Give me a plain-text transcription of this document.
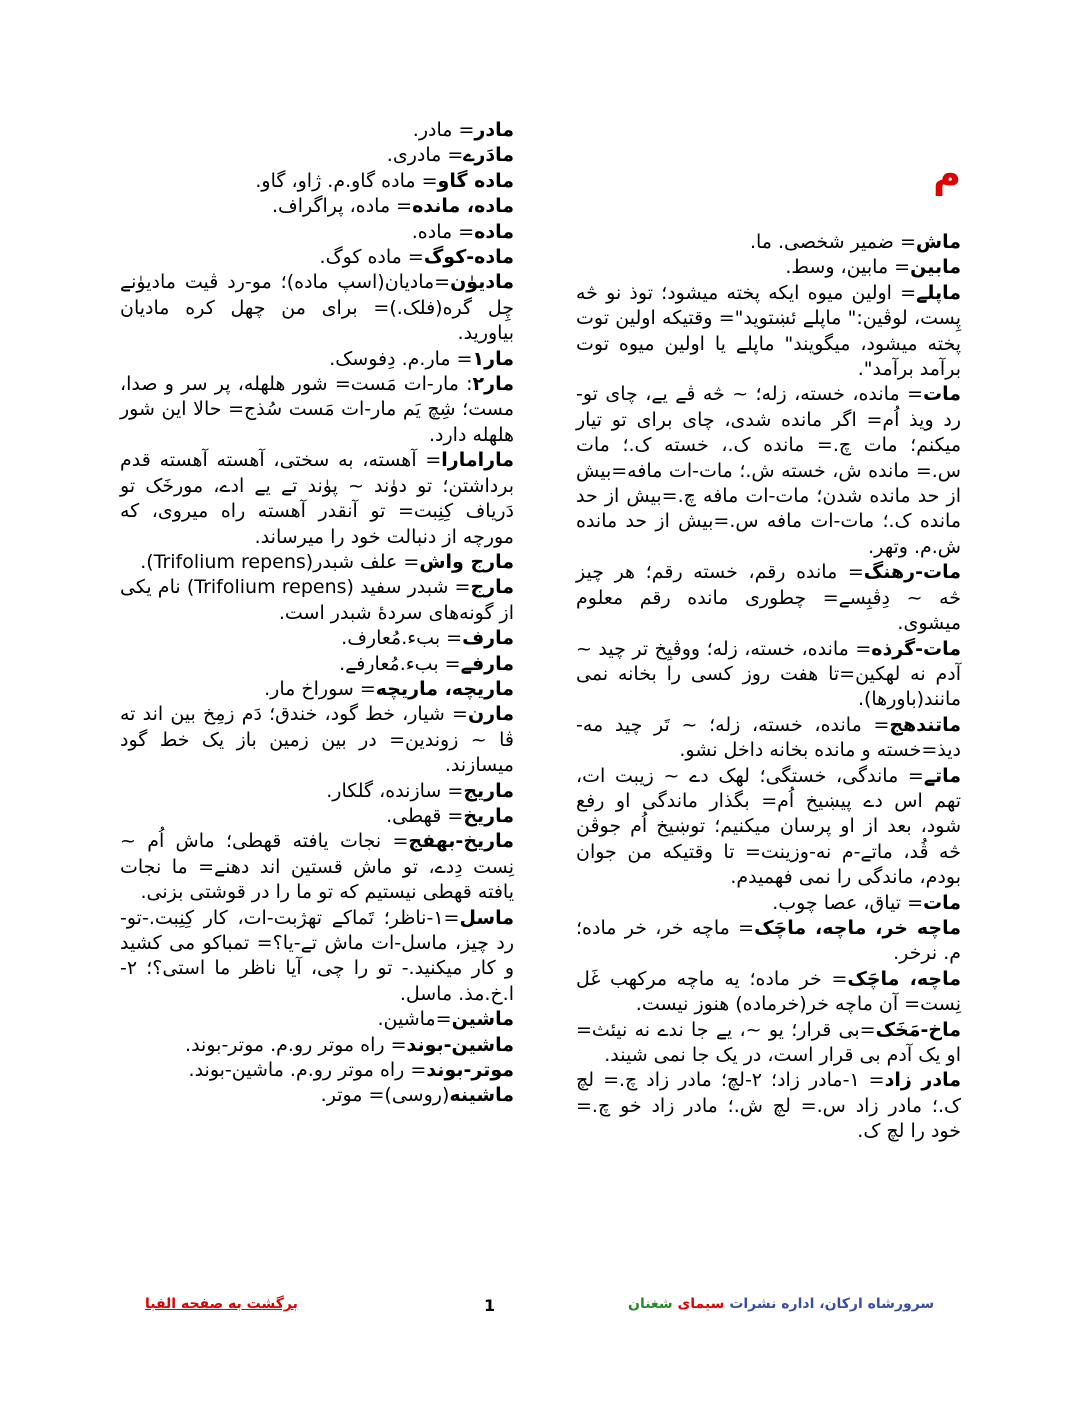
م

ماش= ضمیر شخصی. ما.

مابین= مابین، وسط.

ماپلے= اولین میوه ایکه پخته میشود؛ توذ نو څه پِست، لوڤین:" ماپلے ئښتوید"= وقتیکه اولین توت پخته میشود، میگویند" ماپلے یا اولین میوه توت برآمد برآمد".

مات= مانده، خسته، زله؛ ~ څه ڤے یے، چای تو-رد ویذ اُم= اگر مانده شدی، چای برای تو تیار میکنم؛ مات چ.= مانده ک.، خسته ک.؛ مات س.= مانده ش، خسته ش.؛ مات-ات مافه=بیش از حد مانده شدن؛ مات-ات مافه چ.=بیش از حد مانده ک.؛ مات-ات مافه س.=بیش از حد مانده ش.م. وتهر.

مات-رهنگ= مانده رقم، خسته رقم؛ هر چیز څه ~ دِڤبِسے= چطوری مانده رقم معلوم میشوی.

مات-گرذه= مانده، خسته، زله؛ ووڤیِخ تر چید ~ آدم نه لهکین=تا هفت روز کسی را بخانه نمی مانند(باورها).

ماتندهج= مانده، خسته، زله؛ ~ تَر چید مه-دیذ=خسته و مانده بخانه داخل نشو.

ماتے= ماندگی، خستگی؛ لهک دے ~ زیبت ات، تهم اس دے پیښیخ اُم= بگذار ماندگی او رفع شود، بعد از او پرسان میکنیم؛ توښیخ اُم جوڤن څه ڤُد، ماتے-م نه-وزینت= تا وقتیکه من جوان بودم، ماندگی را نمی فهمیدم.

مات= تیاق، عصا چوب.

ماچه خر، ماچه، ماچَک= ماچه خر، خر ماده؛ م. نرخر.

ماچه، ماچَک= خر ماده؛ یه ماچه مرکهب غَل نِست= آن ماچه خر(خرماده) هنوز نیست.

ماخ-مَخَک=بی قرار؛ یو ~، یے جا ندے نه نیئث= او یک آدم بی قرار است، در یک جا نمی شیند.

مادر زاد= ۱-مادر زاد؛ ۲-لچ؛ مادر زاد چ.= لچ ک.؛ مادر زاد س.= لچ ش.؛ مادر زاد خو چ.= خود را لچ ک.

مادر= مادر.

مادَرے= مادری.

ماده گاو= ماده گاو.م. ژاو، گاو.

ماده، مانده= ماده، پراگراف.

ماده= ماده.

ماده-کوگ= ماده کوگ.

مادیۈن=مادیان(اسپ ماده)؛ مو-رد ڤیت مادیۈنے چِل گره(فلک.)= برای من چهل کره مادیان بیاورید.

مار۱= مار.م. دِفوسک.

مار۲: مار-ات مَست= شور هلهله، پر سر و صدا، مست؛ شِچ یَم مار-ات مَست سُذج= حالا این شور هلهله دارد.

مارامارا= آهسته، به سختی، آهسته آهسته قدم برداشتن؛ تو دۈند ~ پۈند تے یے ادے، مورخَک تو دَریاف کِنِبت= تو آنقدر آهسته راه میروی، که مورچه از دنبالت خود را میرساند.

مارج واش= علف شبدر(Trifolium repens).

مارج= شبدر سفید (Trifolium repens) نام یکی از گونه‌های سردهٔ شبدر است.

مارف= ببء.مُعارف.

مارفے= ببء.مُعارفے.

ماریچه، ماریچه= سوراخ مار.

مارن= شیار، خط گود، خندق؛ دَم زمِخ بین اند ته ڤا ~ زوندین= در بین زمین باز یک خط گود میسازند.

ماریج= سازنده، گلکار.

ماریخ= قهطی.

ماریخ-بهفج= نجات یافته قهطی؛ ماش اُم ~ نِست دِدے، تو ماش قستین اند دهنے= ما نجات یافته قهطی نیستیم که تو ما را در قوشتی بزنی.

ماسل=۱-ناظر؛ تَماکے تهژبت-ات، کار کِنِبت.-تو-رد چیز، ماسل-ات ماش تے-یا؟= تمباکو می کشید و کار میکنید.- تو را چی، آیا ناظر ما استی؟؛ ۲- ا.خ.مذ. ماسل.

ماشین=ماشین.

ماشین-بوند= راه موتر رو.م. موتر-بوند.

موتر-بوند= راه موتر رو.م. ماشین-بوند.

ماشینه(روسی)= موتر.

برگشت به صفحه الفبا	1	سرورشاه ارکان، اداره نشرات سیمای شغنان
